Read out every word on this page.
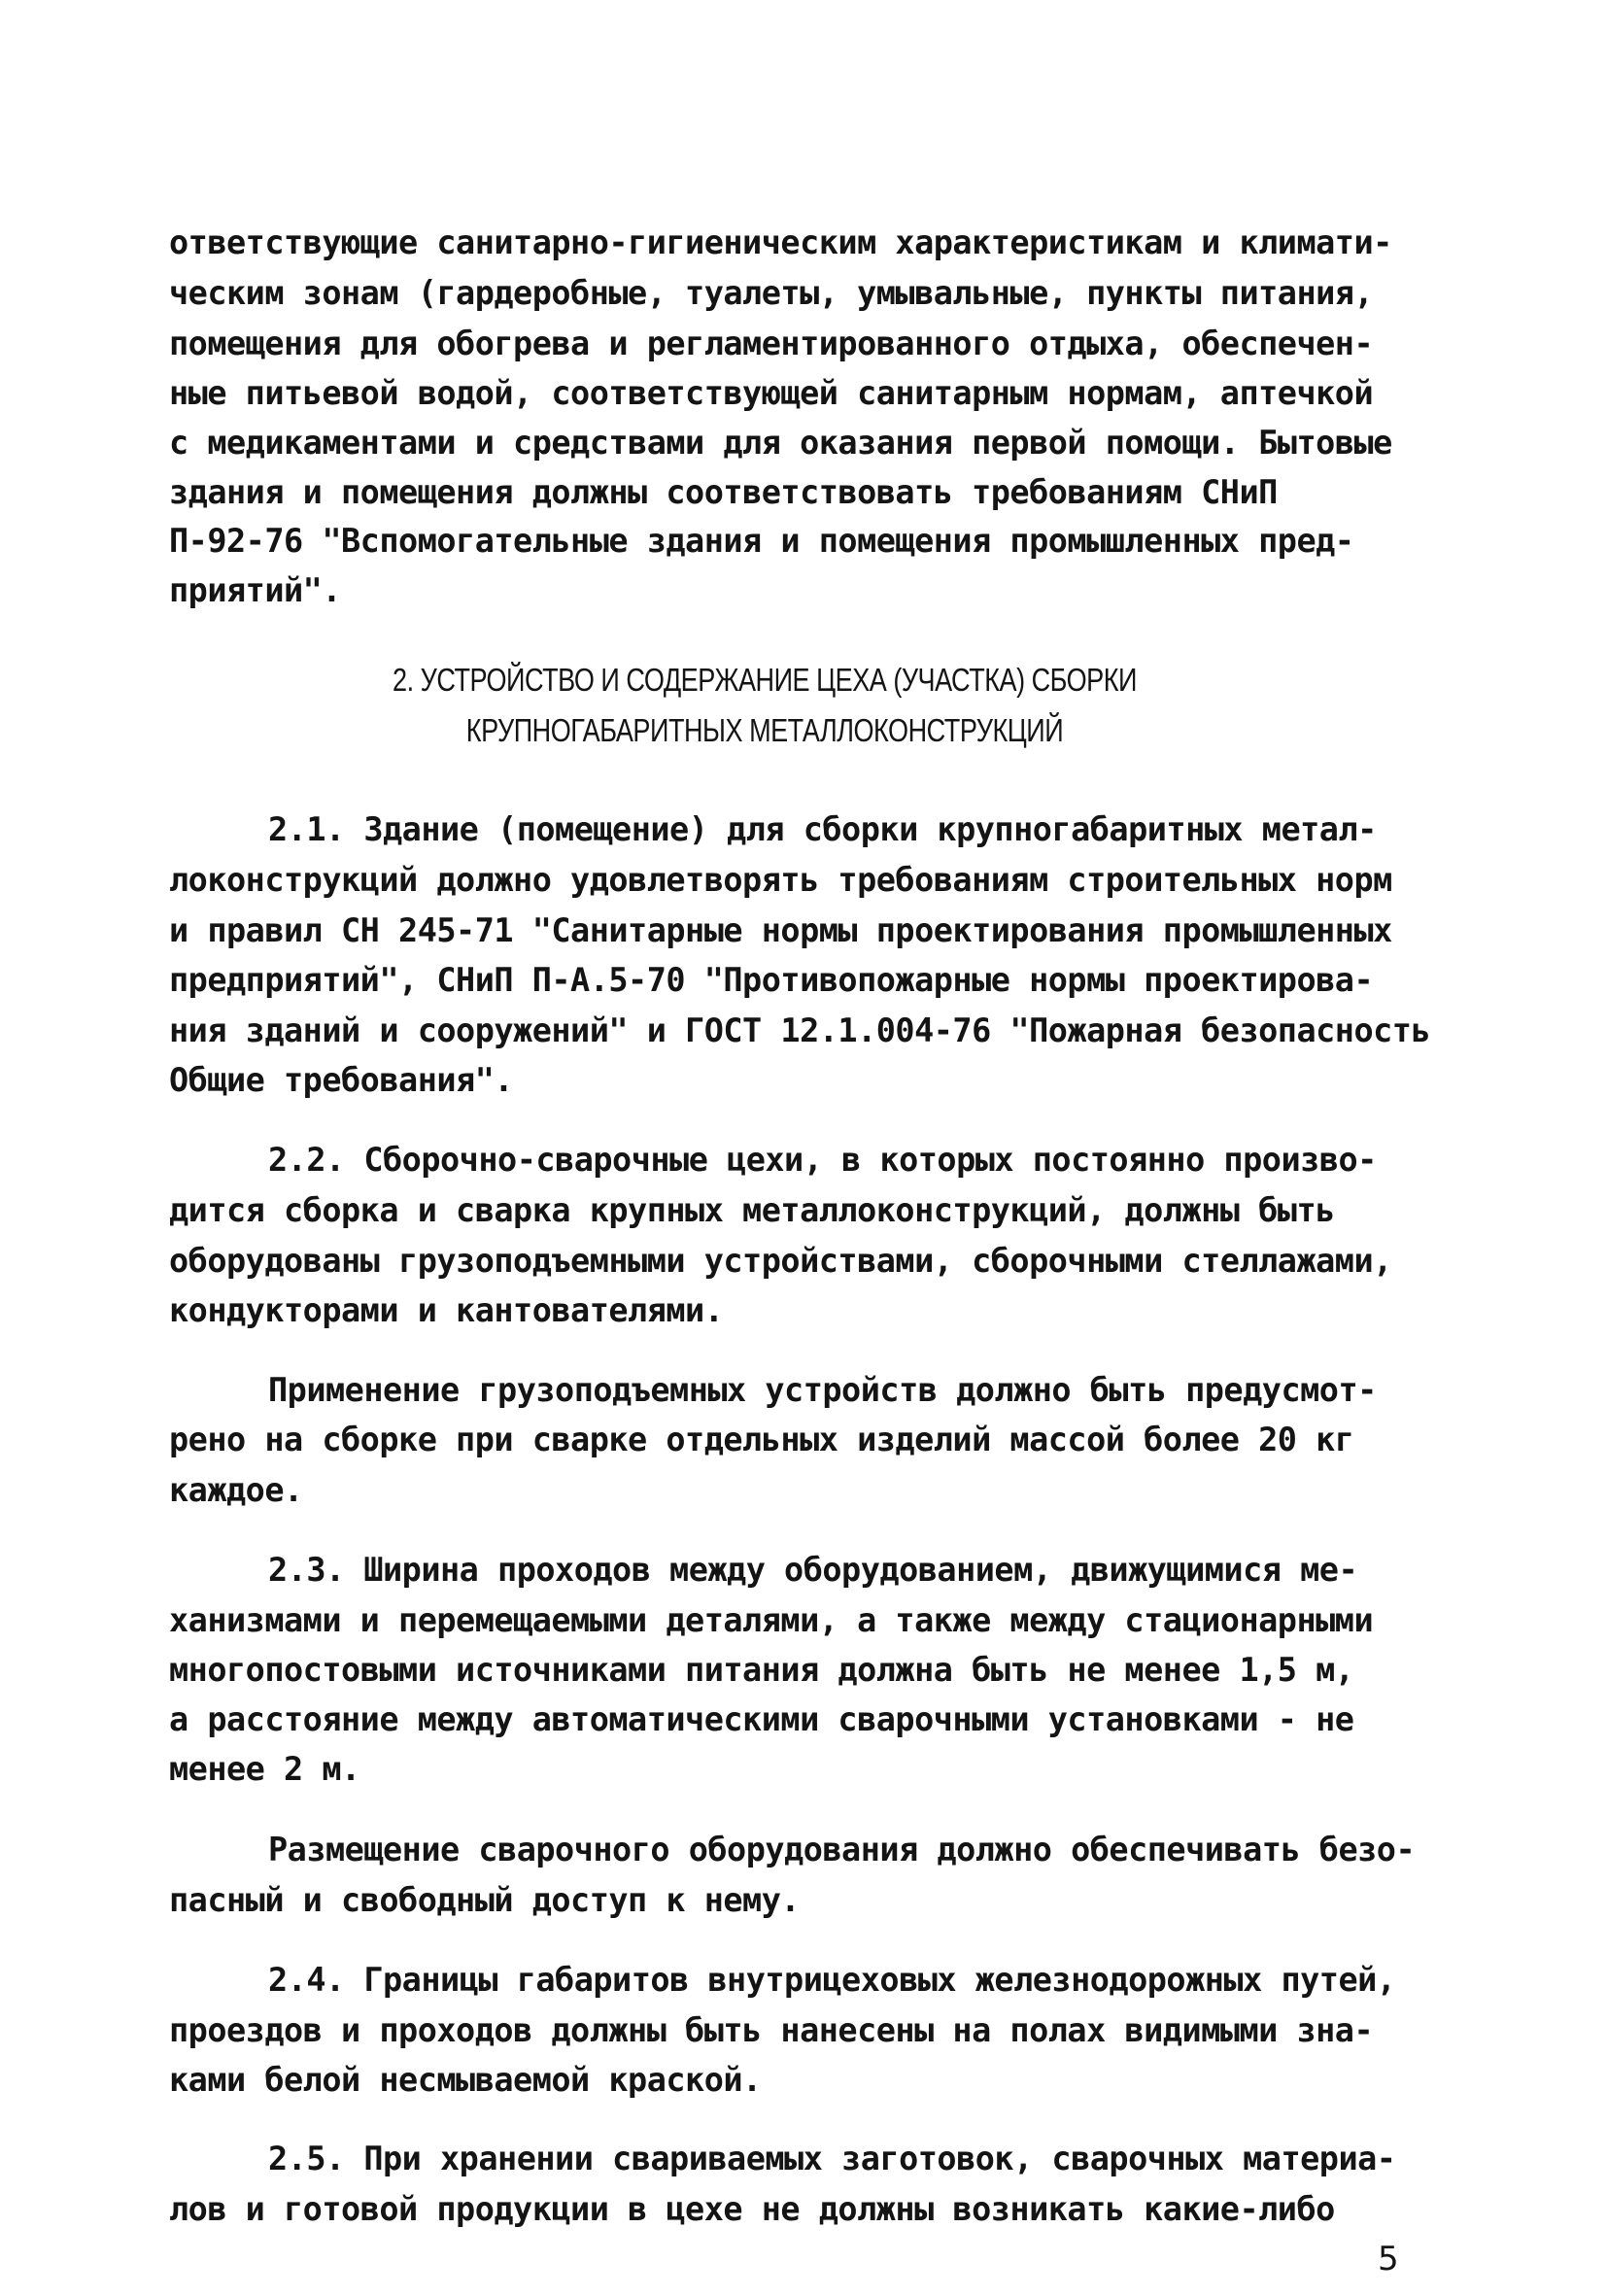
ответствующие санитарно-гигиеническим характеристикам и климати-
ческим зонам (гардеробные, туалеты, умывальные, пункты питания,
помещения для обогрева и регламентированного отдыха, обеспечен-
ные питьевой водой, соответствующей санитарным нормам, аптечкой
с медикаментами и средствами для оказания первой помощи. Бытовые
здания и помещения должны соответствовать требованиям СНиП
П-92-76 "Вспомогательные здания и помещения промышленных пред-
приятий".
2. УСТРОЙСТВО И СОДЕРЖАНИЕ ЦЕХА (УЧАСТКА) СБОРКИ
КРУПНОГАБАРИТНЫХ МЕТАЛЛОКОНСТРУКЦИЙ
2.1. Здание (помещение) для сборки крупногабаритных метал-
локонструкций должно удовлетворять требованиям строительных норм
и правил СН 245-71 "Санитарные нормы проектирования промышленных
предприятий", СНиП П-А.5-70 "Противопожарные нормы проектирова-
ния зданий и сооружений" и ГОСТ 12.1.004-76 "Пожарная безопасность
Общие требования".
2.2. Сборочно-сварочные цехи, в которых постоянно произво-
дится сборка и сварка крупных металлоконструкций, должны быть
оборудованы грузоподъемными устройствами, сборочными стеллажами,
кондукторами и кантователями.
Применение грузоподъемных устройств должно быть предусмот-
рено на сборке при сварке отдельных изделий массой более 20 кг
каждое.
2.3. Ширина проходов между оборудованием, движущимися ме-
ханизмами и перемещаемыми деталями, а также между стационарными
многопостовыми источниками питания должна быть не менее 1,5 м,
а расстояние между автоматическими сварочными установками - не
менее 2 м.
Размещение сварочного оборудования должно обеспечивать безо-
пасный и свободный доступ к нему.
2.4. Границы габаритов внутрицеховых железнодорожных путей,
проездов и проходов должны быть нанесены на полах видимыми зна-
ками белой несмываемой краской.
2.5. При хранении свариваемых заготовок, сварочных материа-
лов и готовой продукции в цехе не должны возникать какие-либо
5
